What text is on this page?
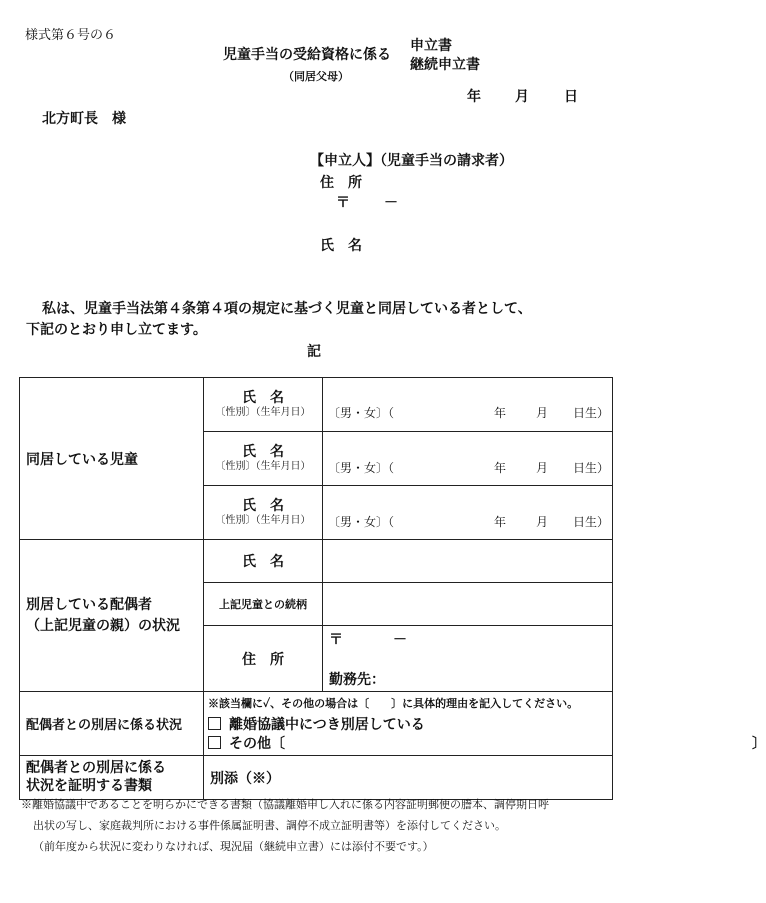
様式第６号の６
児童手当の受給資格に係る
申立書
継続申立書
（同居父母）
年 月	日
北方町長　様
【申立人】（児童手当の請求者）
住　所
〒 －
氏　名
私は、児童手当法第４条第４項の規定に基づく児童と同居している者として、
下記のとおり申し立てます。
記
同居している児童	氏　名
〔性別〕（生年月日）	〔男・女〕（ 年 月 日生）

	氏　名
〔性別〕（生年月日）	〔男・女〕（ 年 月 日生）

	氏　名
〔性別〕（生年月日）	〔男・女〕（ 年 月 日生）

別居している配偶者
（上記児童の親）の状況	氏　名	
	上記児童との続柄	
	住　所	〒 －
勤務先：

配偶者との別居に係る状況	※該当欄に✓、その他の場合は〔　　〕に具体的理由を記入してください。
離婚協議中につき別居している
その他〔 〕	

配偶者との別居に係る
状況を証明する書類	別添（※）	
※離婚協議中であることを明らかにできる書類（協議離婚申し入れに係る内容証明郵便の謄本、調停期日呼
出状の写し、家庭裁判所における事件係属証明書、調停不成立証明書等）を添付してください。
（前年度から状況に変わりなければ、現況届（継続申立書）には添付不要です。）
